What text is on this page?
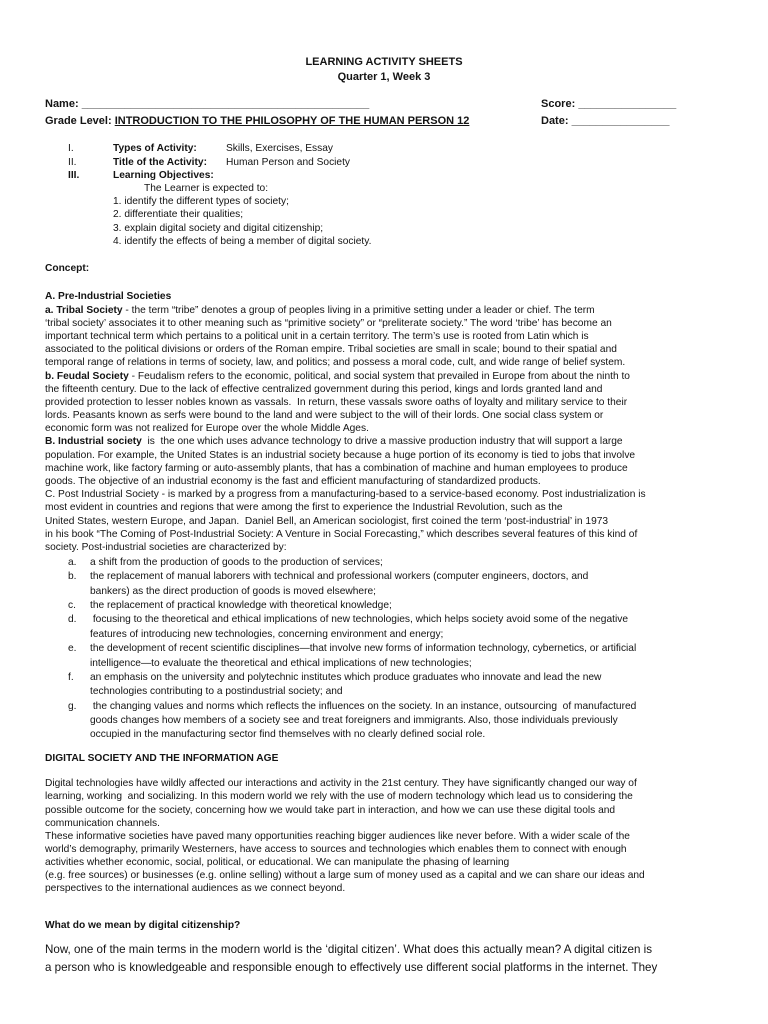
LEARNING ACTIVITY SHEETS
Quarter 1, Week 3
Name: _______________________________________________	Score: ________________
Grade Level: INTRODUCTION TO THE PHILOSOPHY OF THE HUMAN PERSON 12	Date: ________________
I.	Types of Activity:	Skills, Exercises, Essay
II.	Title of the Activity: Human Person and Society
III.	Learning Objectives:
The Learner is expected to:
1. identify the different types of society;
2. differentiate their qualities;
3. explain digital society and digital citizenship;
4. identify the effects of being a member of digital society.
Concept:
A. Pre-Industrial Societies
a. Tribal Society - the term “tribe” denotes a group of peoples living in a primitive setting under a leader or chief. The term
‘tribal society’ associates it to other meaning such as “primitive society” or “preliterate society.” The word ‘tribe’ has become an
important technical term which pertains to a political unit in a certain territory. The term’s use is rooted from Latin which is
associated to the political divisions or orders of the Roman empire. Tribal societies are small in scale; bound to their spatial and
temporal range of relations in terms of society, law, and politics; and possess a moral code, cult, and wide range of belief system.
b. Feudal Society - Feudalism refers to the economic, political, and social system that prevailed in Europe from about the ninth to
the fifteenth century. Due to the lack of effective centralized government during this period, kings and lords granted land and
provided protection to lesser nobles known as vassals.  In return, these vassals swore oaths of loyalty and military service to their
lords. Peasants known as serfs were bound to the land and were subject to the will of their lords. One social class system or
economic form was not realized for Europe over the whole Middle Ages.
B. Industrial society  is  the one which uses advance technology to drive a massive production industry that will support a large
population. For example, the United States is an industrial society because a huge portion of its economy is tied to jobs that involve
machine work, like factory farming or auto-assembly plants, that has a combination of machine and human employees to produce
goods. The objective of an industrial economy is the fast and efficient manufacturing of standardized products.
C. Post Industrial Society - is marked by a progress from a manufacturing-based to a service-based economy. Post industrialization is
most evident in countries and regions that were among the first to experience the Industrial Revolution, such as the
United States, western Europe, and Japan.  Daniel Bell, an American sociologist, first coined the term ‘post-industrial’ in 1973
in his book “The Coming of Post-Industrial Society: A Venture in Social Forecasting,” which describes several features of this kind of
society. Post-industrial societies are characterized by:
a. a shift from the production of goods to the production of services;
b. the replacement of manual laborers with technical and professional workers (computer engineers, doctors, and
bankers) as the direct production of goods is moved elsewhere;
c. the replacement of practical knowledge with theoretical knowledge;
d. focusing to the theoretical and ethical implications of new technologies, which helps society avoid some of the negative
features of introducing new technologies, concerning environment and energy;
e. the development of recent scientific disciplines—that involve new forms of information technology, cybernetics, or artificial
intelligence—to evaluate the theoretical and ethical implications of new technologies;
f. an emphasis on the university and polytechnic institutes which produce graduates who innovate and lead the new
technologies contributing to a postindustrial society; and
g. the changing values and norms which reflects the influences on the society. In an instance, outsourcing  of manufactured
goods changes how members of a society see and treat foreigners and immigrants. Also, those individuals previously
occupied in the manufacturing sector find themselves with no clearly defined social role.
DIGITAL SOCIETY AND THE INFORMATION AGE
Digital technologies have wildly affected our interactions and activity in the 21st century. They have significantly changed our way of
learning, working  and socializing. In this modern world we rely with the use of modern technology which lead us to considering the
possible outcome for the society, concerning how we would take part in interaction, and how we can use these digital tools and
communication channels.
These informative societies have paved many opportunities reaching bigger audiences like never before. With a wider scale of the
world’s demography, primarily Westerners, have access to sources and technologies which enables them to connect with enough
activities whether economic, social, political, or educational. We can manipulate the phasing of learning
(e.g. free sources) or businesses (e.g. online selling) without a large sum of money used as a capital and we can share our ideas and
perspectives to the international audiences as we connect beyond.
What do we mean by digital citizenship?
Now, one of the main terms in the modern world is the ‘digital citizen’. What does this actually mean? A digital citizen is
a person who is knowledgeable and responsible enough to effectively use different social platforms in the internet. They
